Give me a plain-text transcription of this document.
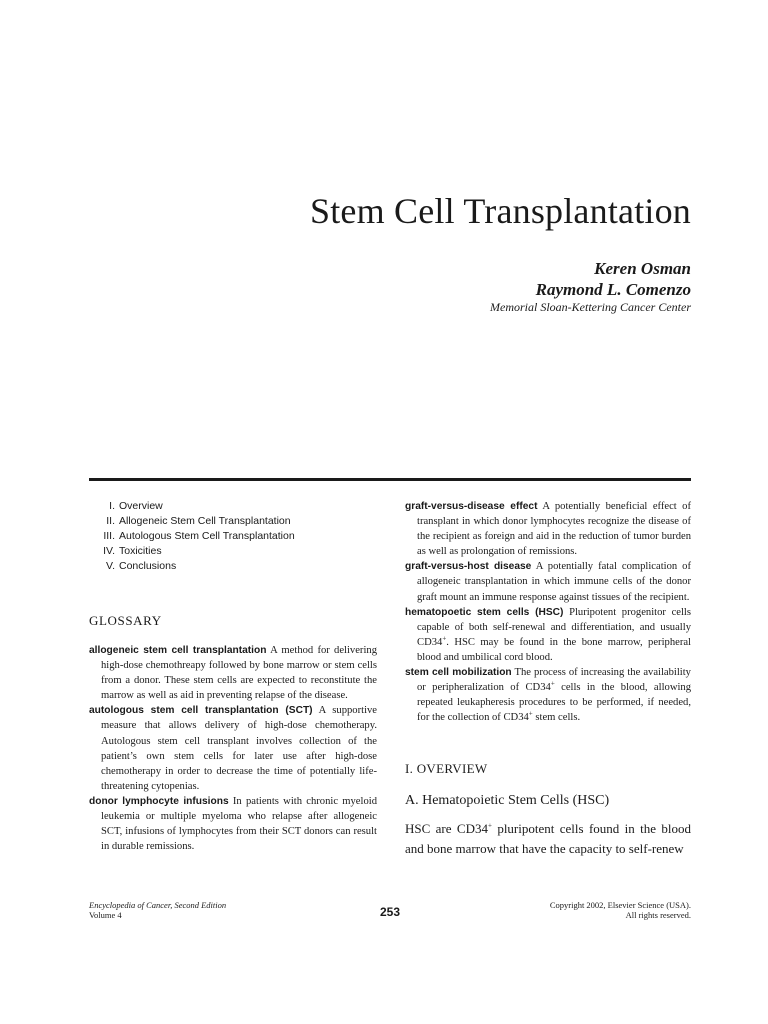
Stem Cell Transplantation
Keren Osman
Raymond L. Comenzo
Memorial Sloan-Kettering Cancer Center
I. Overview
II. Allogeneic Stem Cell Transplantation
III. Autologous Stem Cell Transplantation
IV. Toxicities
V. Conclusions
GLOSSARY

allogeneic stem cell transplantation A method for delivering high-dose chemothreapy followed by bone marrow or stem cells from a donor. These stem cells are expected to reconstitute the marrow as well as aid in preventing relapse of the disease.

autologous stem cell transplantation (SCT) A supportive measure that allows delivery of high-dose chemotherapy. Autologous stem cell transplant involves collection of the patient’s own stem cells for later use after high-dose chemotherapy in order to decrease the time of potentially life-threatening cytopenias.

donor lymphocyte infusions In patients with chronic myeloid leukemia or multiple myeloma who relapse after allogeneic SCT, infusions of lymphocytes from their SCT donors can result in durable remissions.

graft-versus-disease effect A potentially beneficial effect of transplant in which donor lymphocytes recognize the disease of the recipient as foreign and aid in the reduction of tumor burden as well as prolongation of remissions.

graft-versus-host disease A potentially fatal complication of allogeneic transplantation in which immune cells of the donor graft mount an immune response against tissues of the recipient.

hematopoetic stem cells (HSC) Pluripotent progenitor cells capable of both self-renewal and differentiation, and usually CD34+. HSC may be found in the bone marrow, peripheral blood and umbilical cord blood.

stem cell mobilization The process of increasing the availability or peripheralization of CD34+ cells in the blood, allowing repeated leukapheresis procedures to be performed, if needed, for the collection of CD34+ stem cells.

I. OVERVIEW
A. Hematopoietic Stem Cells (HSC)

HSC are CD34+ pluripotent cells found in the blood and bone marrow that have the capacity to self-renew

Encyclopedia of Cancer, Second Edition
Volume 4	253	Copyright 2002, Elsevier Science (USA).
All rights reserved.
